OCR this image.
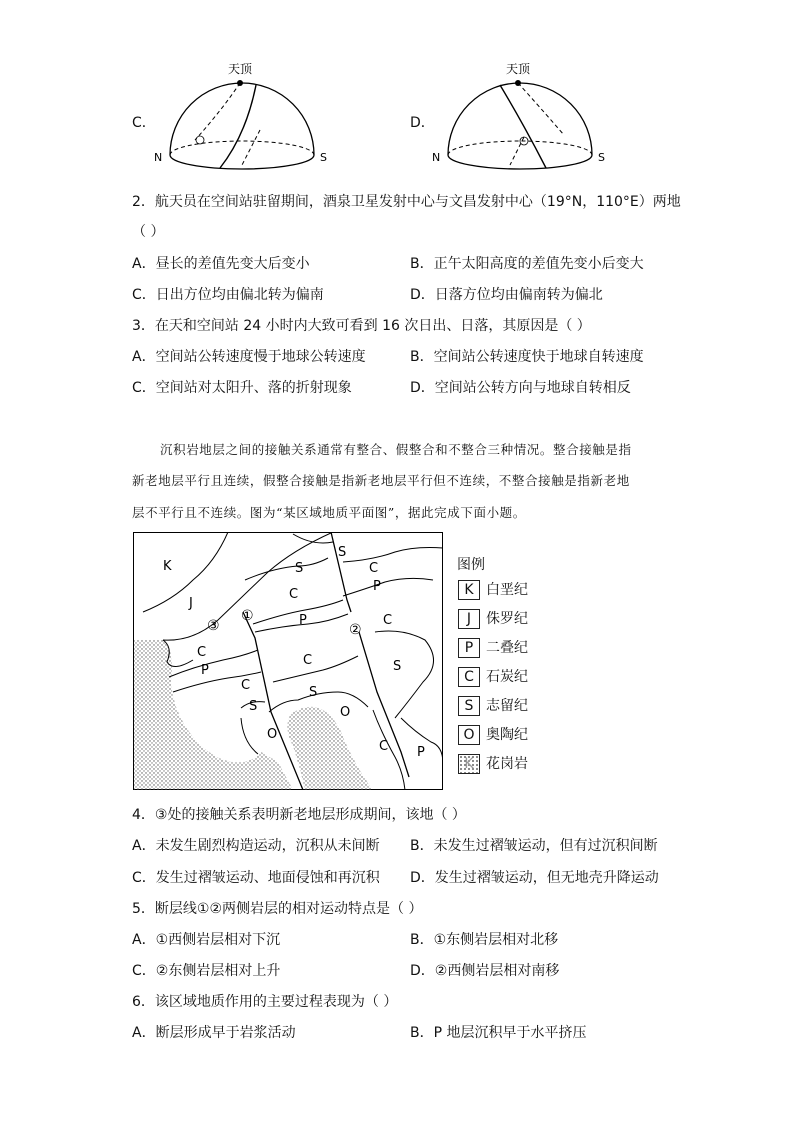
C．	D．
天顶
N	S
天顶
N	S
2．航天员在空间站驻留期间，酒泉卫星发射中心与文昌发射中心（19°N，110°E）两地
（ ）
A．昼长的差值先变大后变小	B．正午太阳高度的差值先变小后变大
C．日出方位均由偏北转为偏南	D．日落方位均由偏南转为偏北
3．在天和空间站 24 小时内大致可看到 16 次日出、日落，其原因是（ ）
A．空间站公转速度慢于地球公转速度	B．空间站公转速度快于地球自转速度
C．空间站对太阳升、落的折射现象	D．空间站公转方向与地球自转相反
沉积岩地层之间的接触关系通常有整合、假整合和不整合三种情况。整合接触是指
新老地层平行且连续，假整合接触是指新老地层平行但不连续，不整合接触是指新老地
层不平行且不连续。图为“某区域地质平面图”，据此完成下面小题。
K
J
③
①
②
S
S	C
C
P
P	C
C
P
C	S
C	S
S	O
O
C P
图例
K 白垩纪
J	侏罗纪
P 二叠纪
C 石炭纪
S 志留纪
O 奥陶纪
K 花岗岩
4．③处的接触关系表明新老地层形成期间，该地（ ）
A．未发生剧烈构造运动，沉积从未间断 B．未发生过褶皱运动，但有过沉积间断
C．发生过褶皱运动、地面侵蚀和再沉积 D．发生过褶皱运动，但无地壳升降运动
5．断层线①②两侧岩层的相对运动特点是（ ）
A．①西侧岩层相对下沉	B．①东侧岩层相对北移
C．②东侧岩层相对上升	D．②西侧岩层相对南移
6．该区域地质作用的主要过程表现为（ ）
A．断层形成早于岩浆活动	B．P 地层沉积早于水平挤压
